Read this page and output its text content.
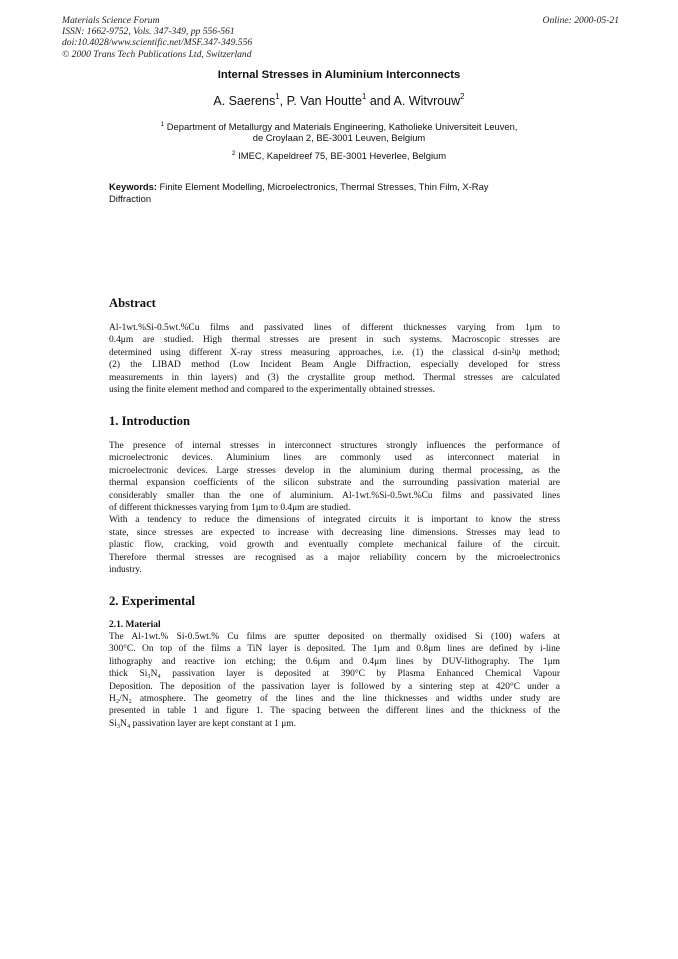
Materials Science Forum
ISSN: 1662-9752, Vols. 347-349, pp 556-561
doi:10.4028/www.scientific.net/MSF.347-349.556
© 2000 Trans Tech Publications Ltd, Switzerland
Online: 2000-05-21
Internal Stresses in Aluminium Interconnects
A. Saerens$^1$, P. Van Houtte$^1$ and A. Witvrouw$^2$
$^1$ Department of Metallurgy and Materials Engineering, Katholieke Universiteit Leuven,
de Croylaan 2, BE-3001 Leuven, Belgium
$^2$ IMEC, Kapeldreef 75, BE-3001 Heverlee, Belgium
Keywords: Finite Element Modelling, Microelectronics, Thermal Stresses, Thin Film, X-Ray
Diffraction
Abstract
Al-1wt.%Si-0.5wt.%Cu films and passivated lines of different thicknesses varying from 1μm to
0.4μm are studied. High thermal stresses are present in such systems. Macroscopic stresses are
determined using different X-ray stress measuring approaches, i.e. (1) the classical d-sin²ψ method;
(2) the LIBAD method (Low Incident Beam Angle Diffraction, especially developed for stress
measurements in thin layers) and (3) the crystallite group method. Thermal stresses are calculated
using the finite element method and compared to the experimentally obtained stresses.
1. Introduction
The presence of internal stresses in interconnect structures strongly influences the performance of
microelectronic devices. Aluminium lines are commonly used as interconnect material in
microelectronic devices. Large stresses develop in the aluminium during thermal processing, as the
thermal expansion coefficients of the silicon substrate and the surrounding passivation material are
considerably smaller than the one of aluminium. Al-1wt.%Si-0.5wt.%Cu films and passivated lines
of different thicknesses varying from 1μm to 0.4μm are studied.
With a tendency to reduce the dimensions of integrated circuits it is important to know the stress
state, since stresses are expected to increase with decreasing line dimensions. Stresses may lead to
plastic flow, cracking, void growth and eventually complete mechanical failure of the circuit.
Therefore thermal stresses are recognised as a major reliability concern by the microelectronics
industry.
2. Experimental
2.1. Material
The Al-1wt.% Si-0.5wt.% Cu films are sputter deposited on thermally oxidised Si (100) wafers at
300°C. On top of the films a TiN layer is deposited. The 1μm and 0.8μm lines are defined by i-line
lithography and reactive ion etching; the 0.6μm and 0.4μm lines by DUV-lithography. The 1μm
thick Si₃N₄ passivation layer is deposited at 390°C by Plasma Enhanced Chemical Vapour
Deposition. The deposition of the passivation layer is followed by a sintering step at 420°C under a
H₂/N₂ atmosphere. The geometry of the lines and the line thicknesses and widths under study are
presented in table 1 and figure 1. The spacing between the different lines and the thickness of the
Si₃N₄ passivation layer are kept constant at 1 μm.
